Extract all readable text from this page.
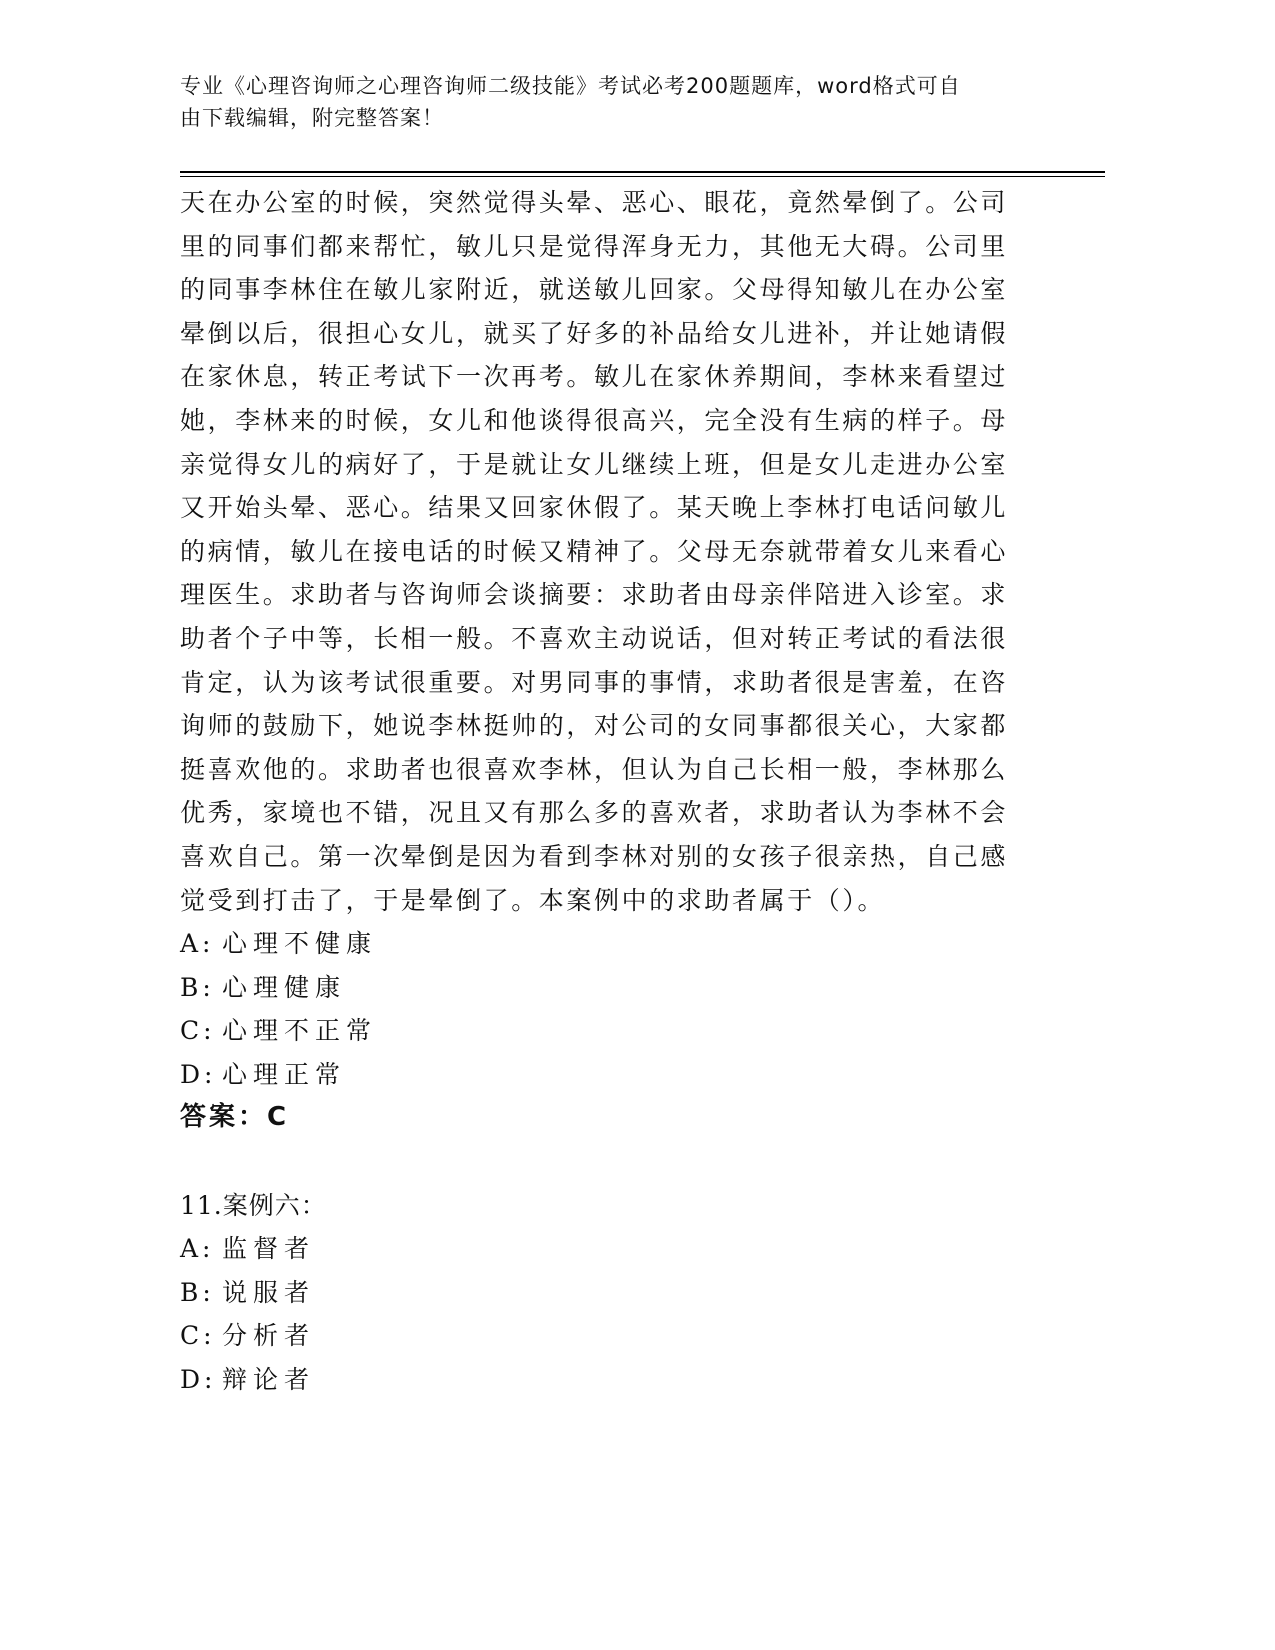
专业《心理咨询师之心理咨询师二级技能》考试必考200题题库，word格式可自
由下载编辑，附完整答案！
天在办公室的时候，突然觉得头晕、恶心、眼花，竟然晕倒了。公司
里的同事们都来帮忙，敏儿只是觉得浑身无力，其他无大碍。公司里
的同事李林住在敏儿家附近，就送敏儿回家。父母得知敏儿在办公室
晕倒以后，很担心女儿，就买了好多的补品给女儿进补，并让她请假
在家休息，转正考试下一次再考。敏儿在家休养期间，李林来看望过
她，李林来的时候，女儿和他谈得很高兴，完全没有生病的样子。母
亲觉得女儿的病好了，于是就让女儿继续上班，但是女儿走进办公室
又开始头晕、恶心。结果又回家休假了。某天晚上李林打电话问敏儿
的病情，敏儿在接电话的时候又精神了。父母无奈就带着女儿来看心
理医生。求助者与咨询师会谈摘要：求助者由母亲伴陪进入诊室。求
助者个子中等，长相一般。不喜欢主动说话，但对转正考试的看法很
肯定，认为该考试很重要。对男同事的事情，求助者很是害羞，在咨
询师的鼓励下，她说李林挺帅的，对公司的女同事都很关心，大家都
挺喜欢他的。求助者也很喜欢李林，但认为自己长相一般，李林那么
优秀，家境也不错，况且又有那么多的喜欢者，求助者认为李林不会
喜欢自己。第一次晕倒是因为看到李林对别的女孩子很亲热，自己感
觉受到打击了，于是晕倒了。本案例中的求助者属于（）。
A: 心理不健康
B: 心理健康
C: 心理不正常
D: 心理正常
答案：C
11.案例六：
A: 监督者
B: 说服者
C: 分析者
D: 辩论者
